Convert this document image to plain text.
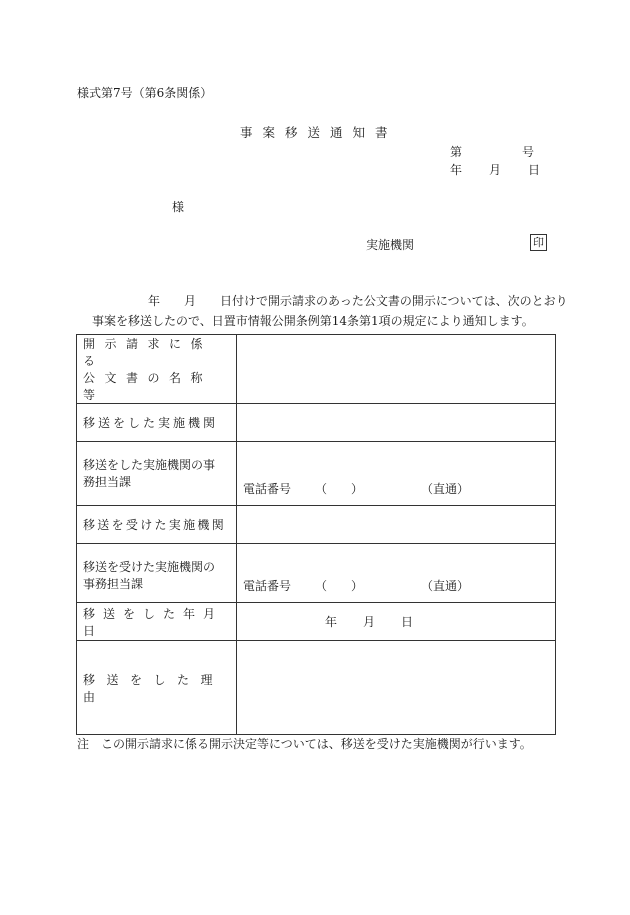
様式第7号（第6条関係）
事案移送通知書
第	号
年 月 日
様
実施機関	印
年　　月　　日付けで開示請求のあった公文書の開示については、次のとおり
事案を移送したので、日置市情報公開条例第14条第1項の規定により通知します。
開示請求に係る
公文書の名称等	

移送をした実施機関	

移送をした実施機関の事
務担当課	電話番号 （　　） （直通）

移送を受けた実施機関	

移送を受けた実施機関の
事務担当課	電話番号 （　　） （直通）

移送をした年月日	年 月 日
移送をした理由	
注　この開示請求に係る開示決定等については、移送を受けた実施機関が行います。
